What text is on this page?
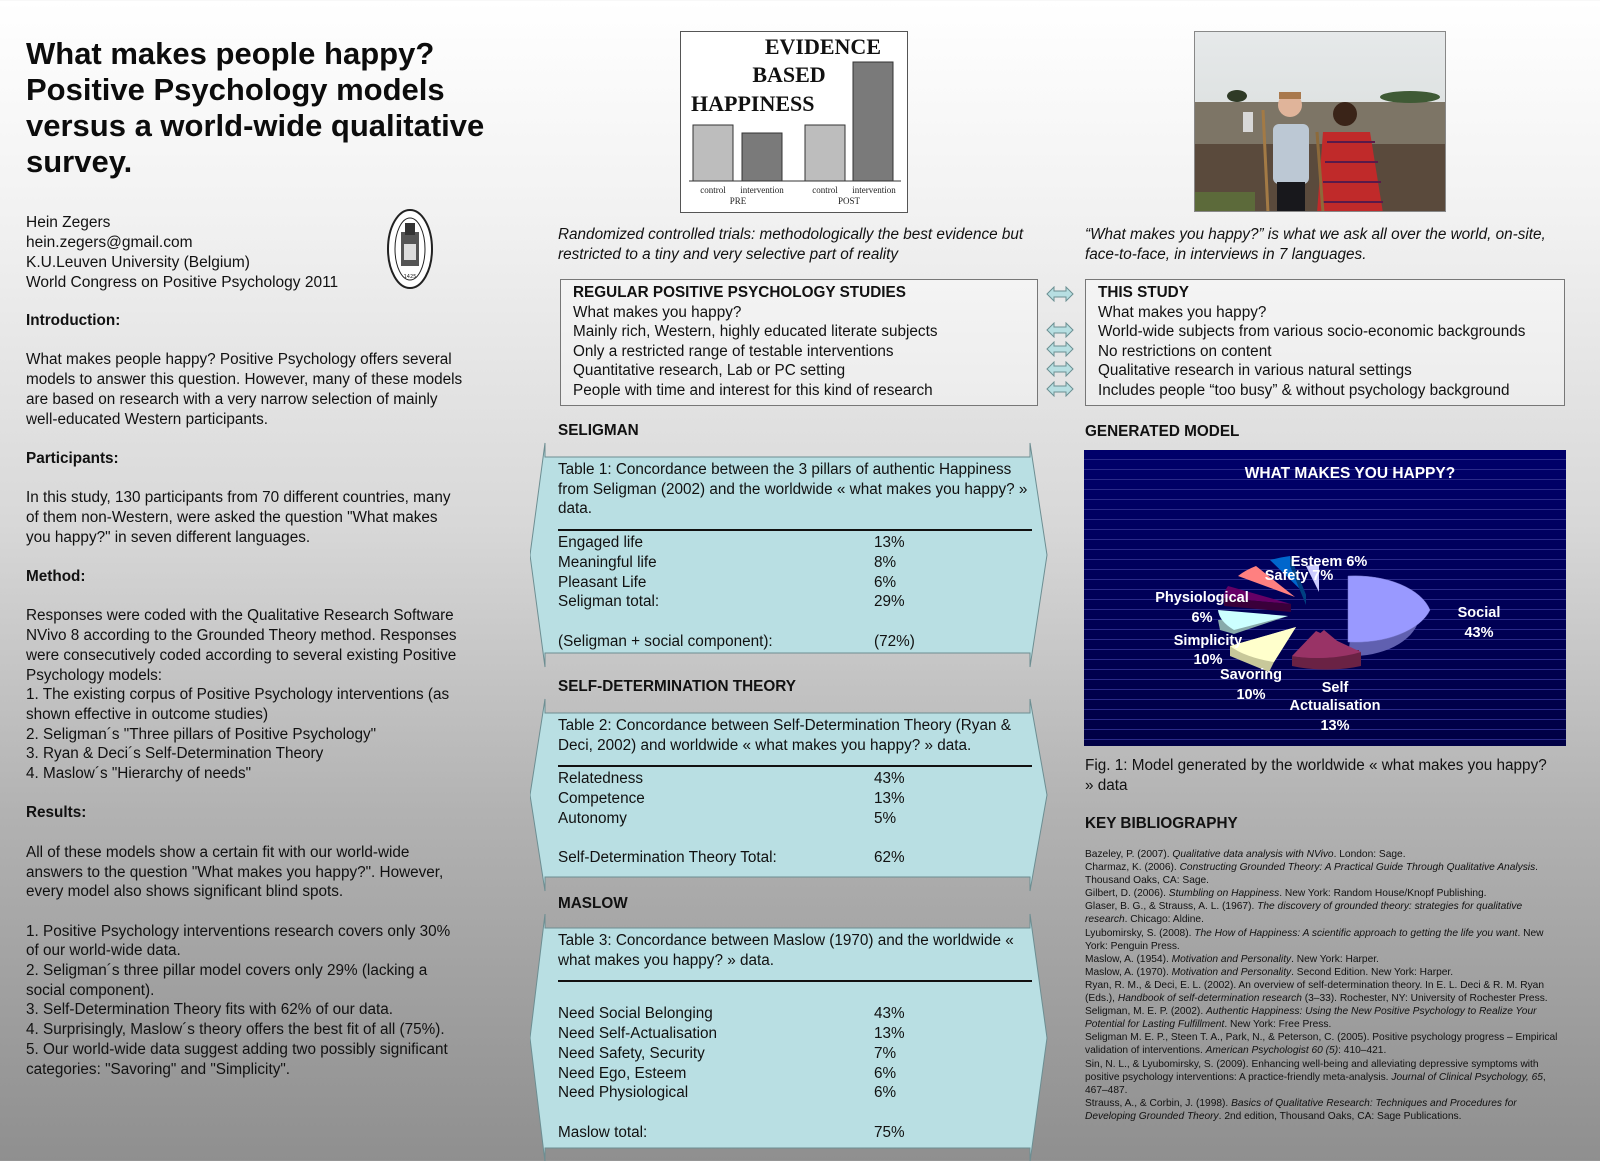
What makes people happy? Positive Psychology models versus a world-wide qualitative survey.
Hein Zegers
hein.zegers@gmail.com
K.U.Leuven University (Belgium)
World Congress on Positive Psychology 2011	1425
Introduction:

What makes people happy? Positive Psychology offers several models to answer this question. However, many of these models are based on research with a very narrow selection of mainly well-educated Western participants.

Participants:

In this study, 130 participants from 70 different countries, many of them non-Western, were asked the question "What makes you happy?" in seven different languages.

Method:

Responses were coded with the Qualitative Research Software NVivo 8 according to the Grounded Theory method. Responses were consecutively coded according to several existing Positive Psychology models:

1. The existing corpus of Positive Psychology interventions (as shown effective in outcome studies)

2. Seligman´s "Three pillars of Positive Psychology"

3. Ryan & Deci´s Self-Determination Theory

4. Maslow´s "Hierarchy of needs"

Results:

All of these models show a certain fit with our world-wide answers to the question "What makes you happy?". However, every model also shows significant blind spots.

1. Positive Psychology interventions research covers only 30% of our world-wide data.

2. Seligman´s three pillar model covers only 29% (lacking a social component).

3. Self-Determination Theory fits with 62% of our data.

4. Surprisingly, Maslow´s theory offers the best fit of all (75%).

5. Our world-wide data suggest adding two possibly significant categories: "Savoring" and "Simplicity".

EVIDENCE
BASED
HAPPINESS
control intervention	control intervention
PRE	POST
Randomized controlled trials: methodologically the best evidence but restricted to a tiny and very selective part of reality
“What makes you happy?” is what we ask all over the world, on-site, face-to-face, in interviews in 7 languages.
REGULAR POSITIVE PSYCHOLOGY STUDIES
What makes you happy?
Mainly rich, Western, highly educated literate subjects
Only a restricted range of testable interventions
Quantitative research, Lab or PC setting
People with time and interest for this kind of research
THIS STUDY
What makes you happy?
World-wide subjects from various socio-economic backgrounds
No restrictions on content
Qualitative research in various natural settings
Includes people “too busy” & without psychology background
SELIGMAN
Table 1: Concordance between the 3 pillars of authentic Happiness from Seligman (2002) and the worldwide « what makes you happy? » data.
Engaged life	13%
Meaningful life	8%
Pleasant Life	6%
Seligman total:	29%
(Seligman + social component):	(72%)
SELF-DETERMINATION THEORY
Table 2: Concordance between Self-Determination Theory (Ryan & Deci, 2002) and worldwide « what makes you happy? » data.
Relatedness	43%
Competence	13%
Autonomy	5%
Self-Determination Theory Total:	62%
MASLOW
Table 3: Concordance between Maslow (1970) and the worldwide « what makes you happy? » data.
Need Social Belonging	43%
Need Self-Actualisation	13%
Need Safety, Security	7%
Need Ego, Esteem	6%
Need Physiological	6%
Maslow total:	75%
GENERATED MODEL
WHAT MAKES YOU HAPPY?
Esteem 6%
Safety 7%
Physiological
6%
Simplicity
10%
Savoring
10%	Self
Actualisation
13%
Social
43%
Fig. 1: Model generated by the worldwide « what makes you happy? » data
KEY BIBLIOGRAPHY
Bazeley, P. (2007). Qualitative data analysis with NVivo. London: Sage.
Charmaz, K. (2006). Constructing Grounded Theory: A Practical Guide Through Qualitative Analysis. Thousand Oaks, CA: Sage.
Gilbert, D. (2006). Stumbling on Happiness. New York: Random House/Knopf Publishing.
Glaser, B. G., & Strauss, A. L. (1967). The discovery of grounded theory: strategies for qualitative research. Chicago: Aldine.
Lyubomirsky, S. (2008). The How of Happiness: A scientific approach to getting the life you want. New York: Penguin Press.
Maslow, A. (1954). Motivation and Personality. New York: Harper.
Maslow, A. (1970). Motivation and Personality. Second Edition. New York: Harper.
Ryan, R. M., & Deci, E. L. (2002). An overview of self-determination theory. In E. L. Deci & R. M. Ryan (Eds.), Handbook of self-determination research (3–33). Rochester, NY: University of Rochester Press.
Seligman, M. E. P. (2002). Authentic Happiness: Using the New Positive Psychology to Realize Your Potential for Lasting Fulfillment. New York: Free Press.
Seligman M. E. P., Steen T. A., Park, N., & Peterson, C. (2005). Positive psychology progress – Empirical validation of interventions. American Psychologist 60 (5): 410–421.
Sin, N. L., & Lyubomirsky, S. (2009). Enhancing well-being and alleviating depressive symptoms with positive psychology interventions: A practice-friendly meta-analysis. Journal of Clinical Psychology, 65, 467–487.
Strauss, A., & Corbin, J. (1998). Basics of Qualitative Research: Techniques and Procedures for Developing Grounded Theory. 2nd edition, Thousand Oaks, CA: Sage Publications.
